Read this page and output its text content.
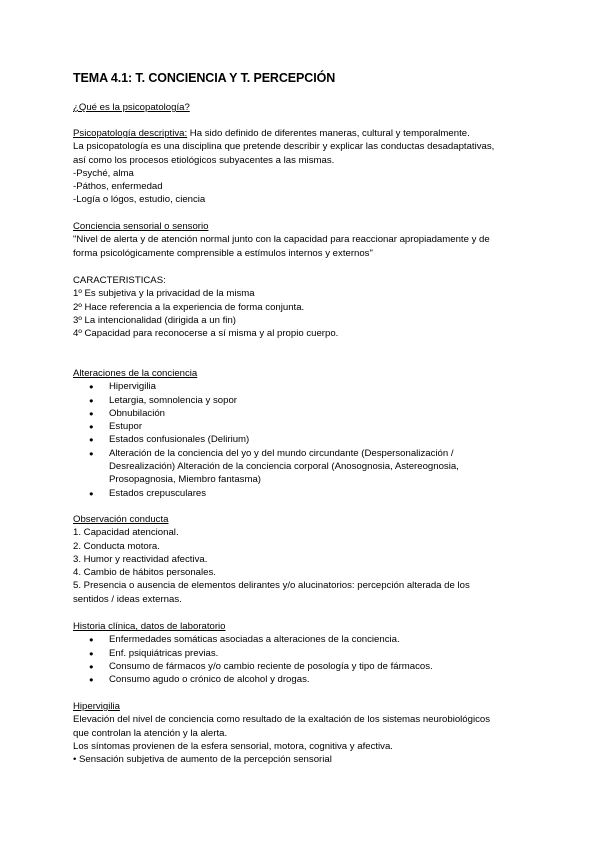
TEMA 4.1: T. CONCIENCIA Y T. PERCEPCIÓN
¿Qué es la psicopatología?
Psicopatología descriptiva: Ha sido definido de diferentes maneras, cultural y temporalmente.
La psicopatología es una disciplina que pretende describir y explicar las conductas desadaptativas,
así como los procesos etiológicos subyacentes a las mismas.
-Psyché, alma
-Páthos, enfermedad
-Logía o lógos, estudio, ciencia
Conciencia sensorial o sensorio
"Nivel de alerta y de atención normal junto con la capacidad para reaccionar apropiadamente y de
forma psicológicamente comprensible a estímulos internos y externos"
CARACTERISTICAS:
1º Es subjetiva y la privacidad de la misma
2º Hace referencia a la experiencia de forma conjunta.
3º La intencionalidad (dirigida a un fin)
4º Capacidad para reconocerse a sí misma y al propio cuerpo.
Alteraciones de la conciencia
● Hipervigilia
● Letargia, somnolencia y sopor
● Obnubilación
● Estupor
● Estados confusionales (Delirium)
● Alteración de la conciencia del yo y del mundo circundante (Despersonalización /
Desrealización) Alteración de la conciencia corporal (Anosognosia, Astereognosia,
Prosopagnosia, Miembro fantasma)
● Estados crepusculares
Observación conducta
1. Capacidad atencional.
2. Conducta motora.
3. Humor y reactividad afectiva.
4. Cambio de hábitos personales.
5. Presencia o ausencia de elementos delirantes y/o alucinatorios: percepción alterada de los
sentidos / ideas externas.
Historia clínica, datos de laboratorio
● Enfermedades somáticas asociadas a alteraciones de la conciencia.
● Enf. psiquiátricas previas.
● Consumo de fármacos y/o cambio reciente de posología y tipo de fármacos.
● Consumo agudo o crónico de alcohol y drogas.
Hipervigilia
Elevación del nivel de conciencia como resultado de la exaltación de los sistemas neurobiológicos
que controlan la atención y la alerta.
Los síntomas provienen de la esfera sensorial, motora, cognitiva y afectiva.
• Sensación subjetiva de aumento de la percepción sensorial
